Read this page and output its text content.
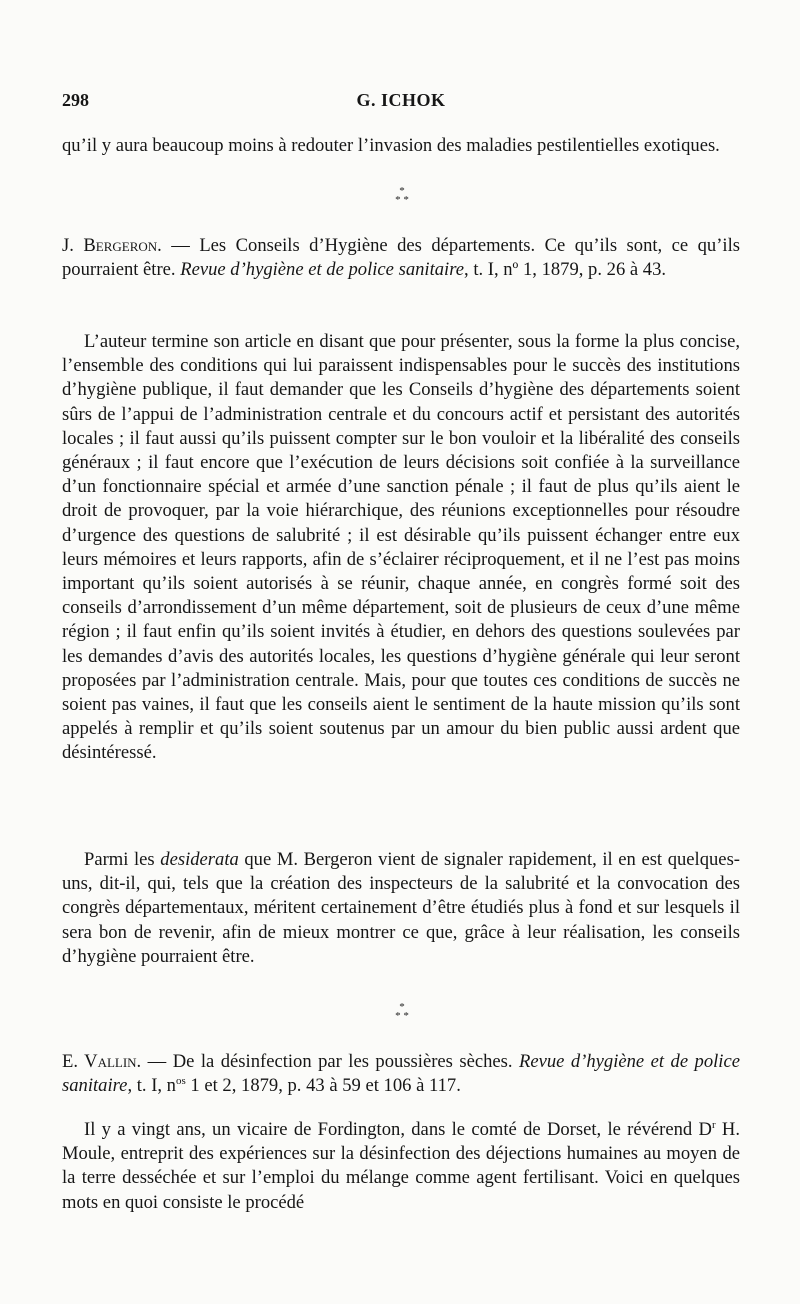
298	G. ICHOK

qu’il y aura beaucoup moins à redouter l’invasion des maladies pestilentielles exotiques.

*
* *

J. Bergeron. — Les Conseils d’Hygiène des départements. Ce qu’ils sont, ce qu’ils pourraient être. Revue d’hygiène et de police sanitaire, t. I, nº 1, 1879, p. 26 à 43.

L’auteur termine son article en disant que pour présenter, sous la forme la plus concise, l’ensemble des conditions qui lui paraissent indispensables pour le succès des institutions d’hygiène publique, il faut demander que les Conseils d’hygiène des départements soient sûrs de l’appui de l’administration centrale et du concours actif et persistant des autorités locales ; il faut aussi qu’ils puissent compter sur le bon vouloir et la libéralité des conseils généraux ; il faut encore que l’exécution de leurs décisions soit confiée à la surveillance d’un fonctionnaire spécial et armée d’une sanction pénale ; il faut de plus qu’ils aient le droit de provoquer, par la voie hiérarchique, des réunions exceptionnelles pour résoudre d’urgence des questions de salubrité ; il est désirable qu’ils puissent échanger entre eux leurs mémoires et leurs rapports, afin de s’éclairer réciproquement, et il ne l’est pas moins important qu’ils soient autorisés à se réunir, chaque année, en congrès formé soit des conseils d’arrondissement d’un même département, soit de plusieurs de ceux d’une même région ; il faut enfin qu’ils soient invités à étudier, en dehors des questions soulevées par les demandes d’avis des autorités locales, les questions d’hygiène générale qui leur seront proposées par l’administration centrale. Mais, pour que toutes ces conditions de succès ne soient pas vaines, il faut que les conseils aient le sentiment de la haute mission qu’ils sont appelés à remplir et qu’ils soient soutenus par un amour du bien public aussi ardent que désintéressé.

Parmi les desiderata que M. Bergeron vient de signaler rapidement, il en est quelques-uns, dit-il, qui, tels que la création des inspecteurs de la salubrité et la convocation des congrès départementaux, méritent certainement d’être étudiés plus à fond et sur lesquels il sera bon de revenir, afin de mieux montrer ce que, grâce à leur réalisation, les conseils d’hygiène pourraient être.

*
* *

E. Vallin. — De la désinfection par les poussières sèches. Revue d’hygiène et de police sanitaire, t. I, $n^{os}$ 1 et 2, 1879, p. 43 à 59 et 106 à 117.

Il y a vingt ans, un vicaire de Fordington, dans le comté de Dorset, le révérend $D^r$ H. Moule, entreprit des expériences sur la désinfection des déjections humaines au moyen de la terre desséchée et sur l’emploi du mélange comme agent fertilisant. Voici en quelques mots en quoi consiste le procédé
